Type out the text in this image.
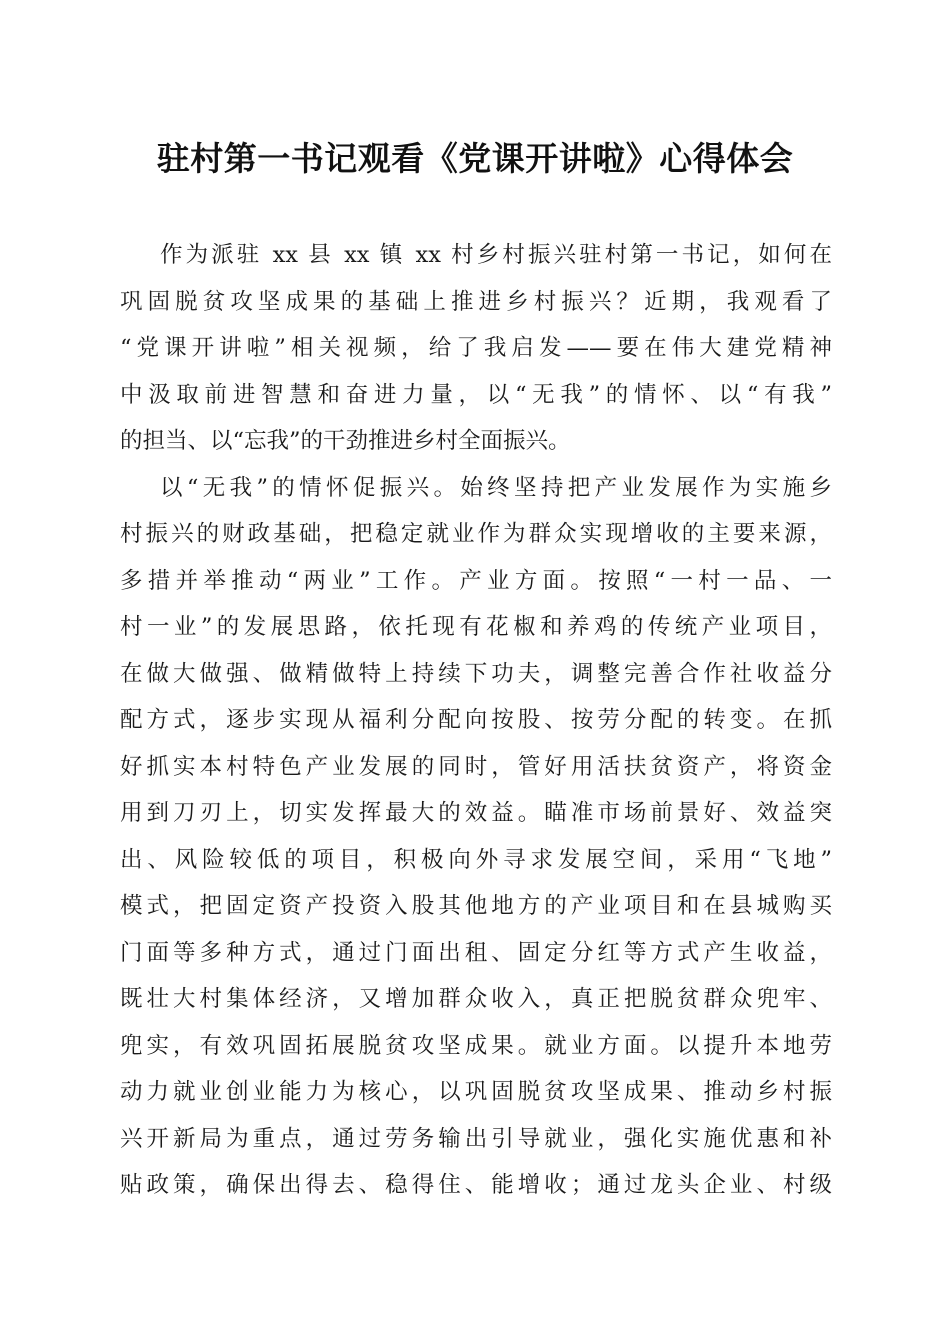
驻村第一书记观看《党课开讲啦》心得体会
作为派驻 xx 县 xx 镇 xx 村乡村振兴驻村第一书记，如何在
巩固脱贫攻坚成果的基础上推进乡村振兴？近期，我观看了
“党课开讲啦”相关视频，给了我启发——要在伟大建党精神
中汲取前进智慧和奋进力量，以“无我”的情怀、以“有我”
的担当、以“忘我”的干劲推进乡村全面振兴。
以“无我”的情怀促振兴。始终坚持把产业发展作为实施乡
村振兴的财政基础，把稳定就业作为群众实现增收的主要来源，
多措并举推动“两业”工作。产业方面。按照“一村一品、一
村一业”的发展思路，依托现有花椒和养鸡的传统产业项目，
在做大做强、做精做特上持续下功夫，调整完善合作社收益分
配方式，逐步实现从福利分配向按股、按劳分配的转变。在抓
好抓实本村特色产业发展的同时，管好用活扶贫资产，将资金
用到刀刃上，切实发挥最大的效益。瞄准市场前景好、效益突
出、风险较低的项目，积极向外寻求发展空间，采用“飞地”
模式，把固定资产投资入股其他地方的产业项目和在县城购买
门面等多种方式，通过门面出租、固定分红等方式产生收益，
既壮大村集体经济，又增加群众收入，真正把脱贫群众兜牢、
兜实，有效巩固拓展脱贫攻坚成果。就业方面。以提升本地劳
动力就业创业能力为核心，以巩固脱贫攻坚成果、推动乡村振
兴开新局为重点，通过劳务输出引导就业，强化实施优惠和补
贴政策，确保出得去、稳得住、能增收；通过龙头企业、村级
